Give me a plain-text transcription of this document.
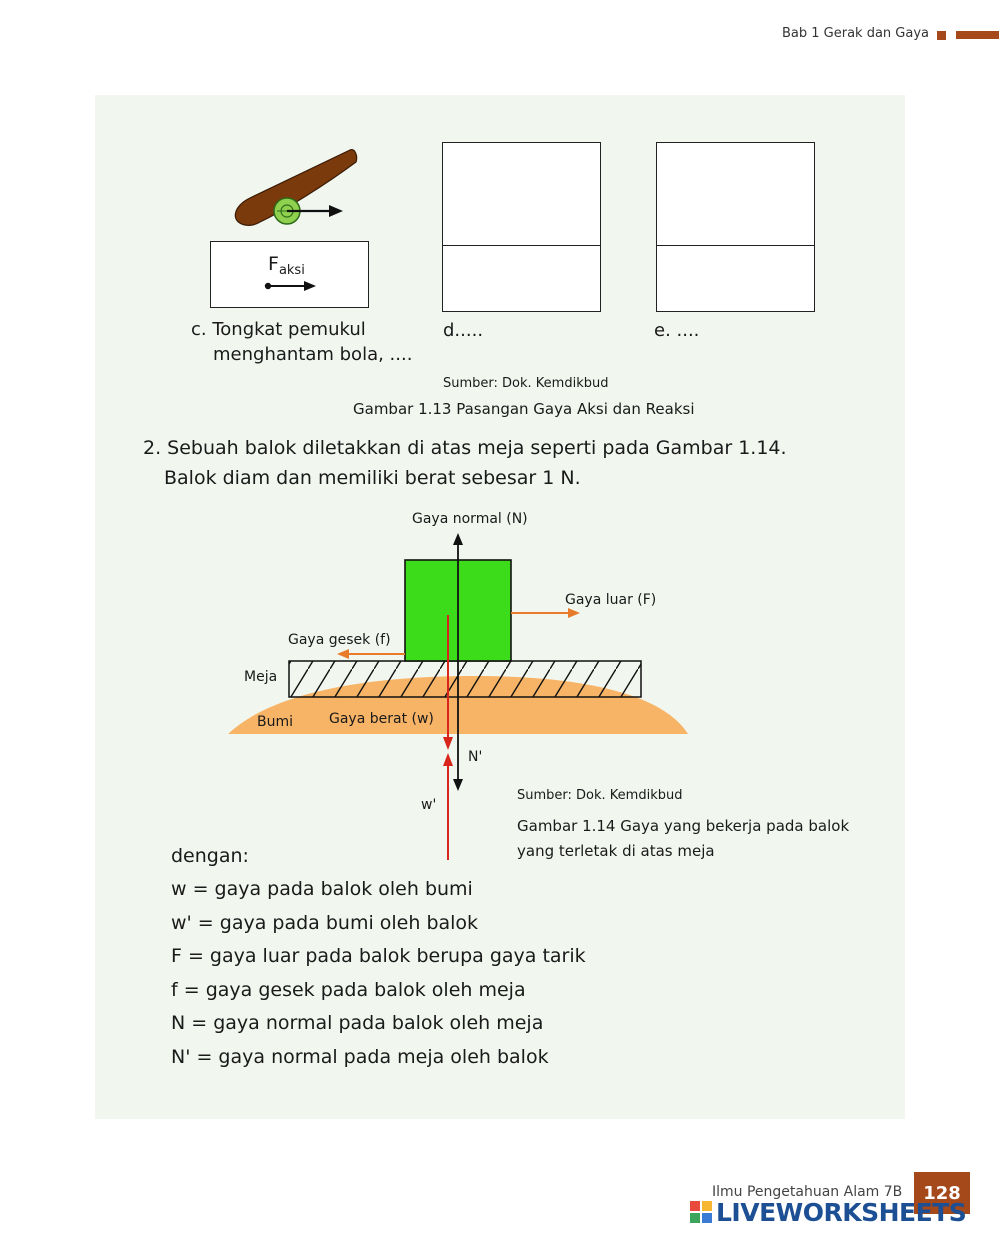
Bab 1 Gerak dan Gaya
$F_{aksi}$
c. Tongkat pemukul
menghantam bola, ....
d.....	e. ....
Sumber: Dok. Kemdikbud
Gambar 1.13 Pasangan Gaya Aksi dan Reaksi
2. Sebuah balok diletakkan di atas meja seperti pada Gambar 1.14.
Balok diam dan memiliki berat sebesar 1 N.
Gaya normal (N)
Gaya luar (F)
Gaya gesek (f)
Meja
Bumi	Gaya berat (w)
N'
w'
Sumber: Dok. Kemdikbud
Gambar 1.14 Gaya yang bekerja pada balok
yang terletak di atas meja
dengan:
w = gaya pada balok oleh bumi
w' = gaya pada bumi oleh balok
F = gaya luar pada balok berupa gaya tarik
f = gaya gesek pada balok oleh meja
N = gaya normal pada balok oleh meja
N' = gaya normal pada meja oleh balok
Ilmu Pengetahuan Alam 7B	128
LIVEWORKSHEETS
